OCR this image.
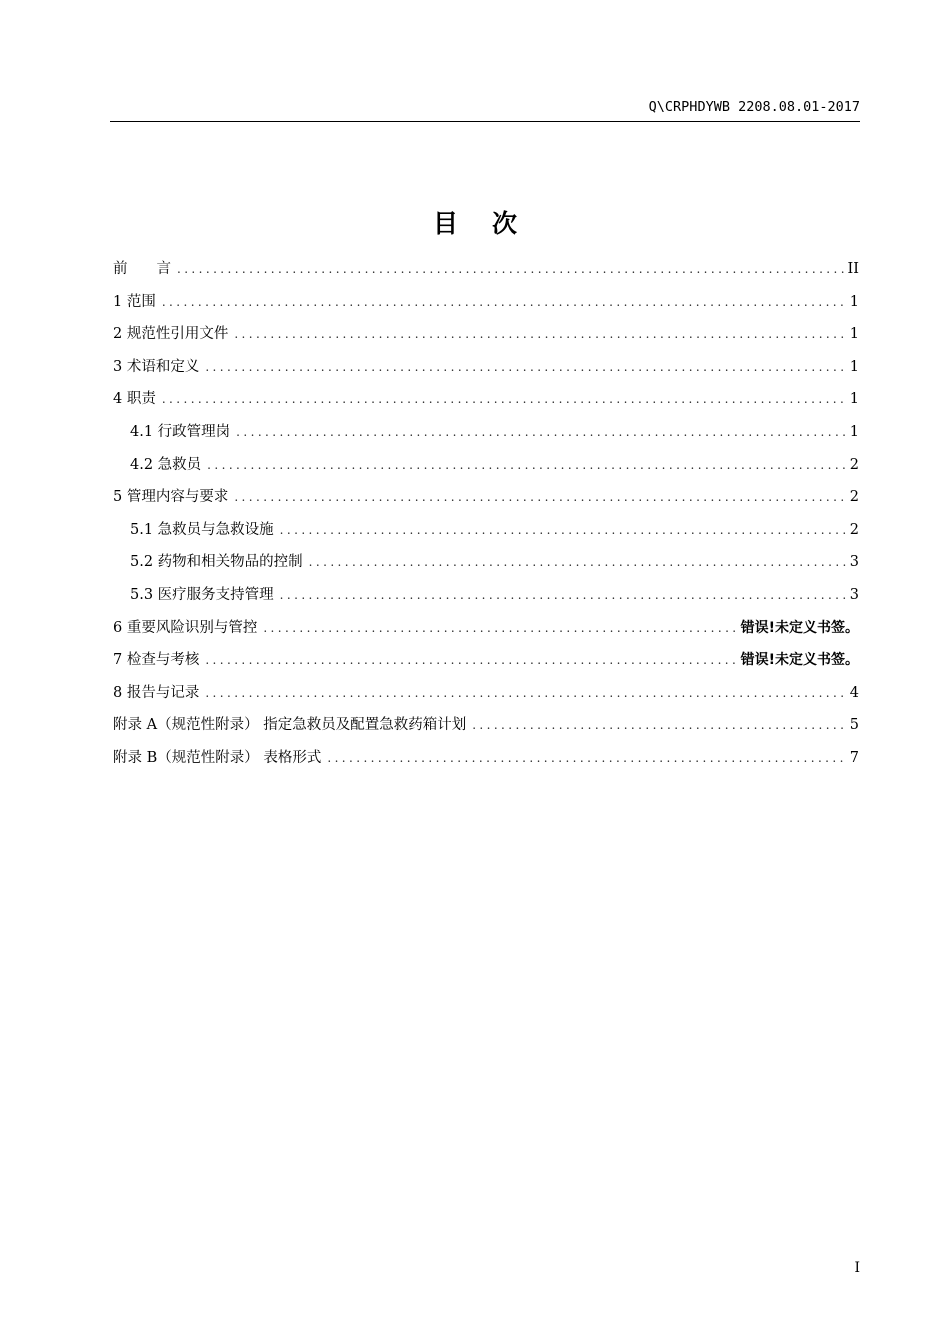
Q\CRPHDYWB 2208.08.01-2017
目次
前　　言 .....	II
1 范围 .....	1
2 规范性引用文件 .....	1
3 术语和定义 .....	1
4 职责 .....	1
4.1 行政管理岗 .....	1
4.2 急救员 .....	2
5 管理内容与要求 .....	2
5.1 急救员与急救设施 .....	2
5.2 药物和相关物品的控制 .....	3
5.3 医疗服务支持管理 .....	3
6 重要风险识别与管控 .....	错误!未定义书签。
7 检查与考核 .....	错误!未定义书签。
8 报告与记录 .....	4
附录 A（规范性附录） 指定急救员及配置急救药箱计划 .....	5
附录 B（规范性附录） 表格形式 .....	7
I
